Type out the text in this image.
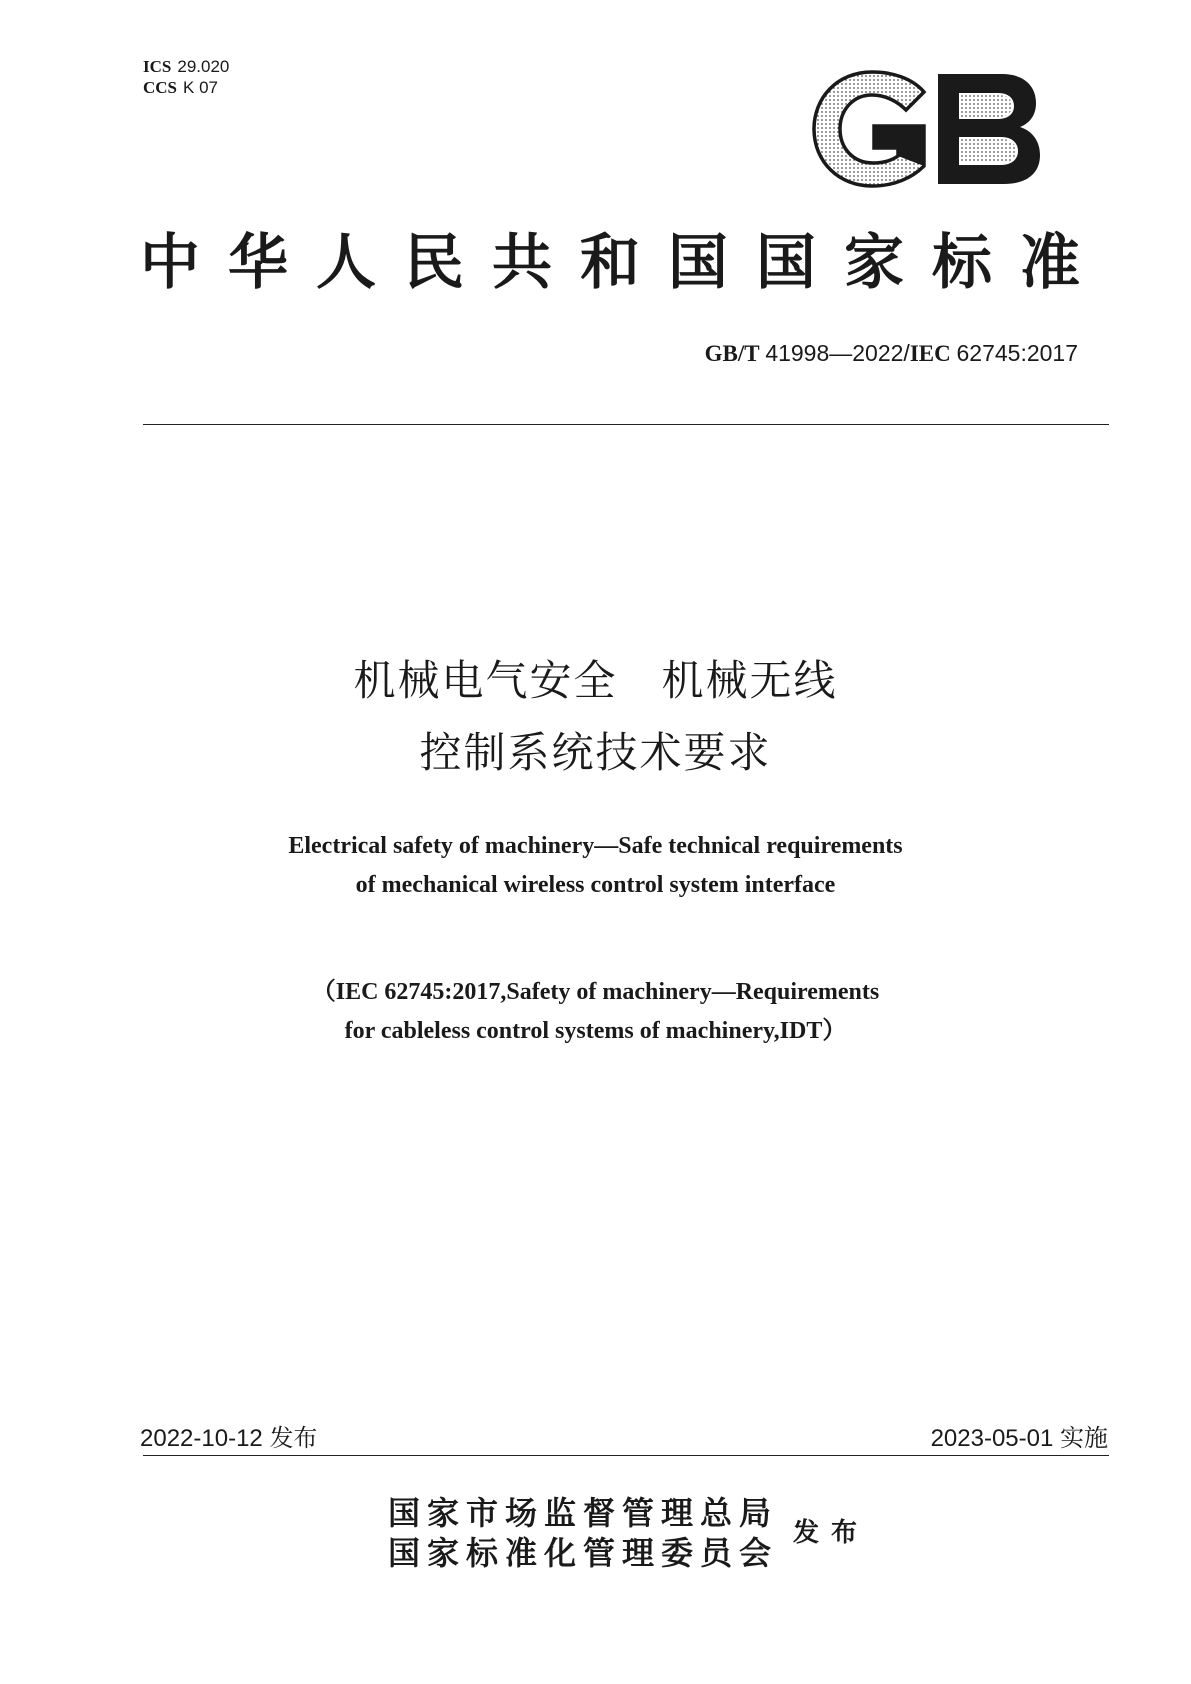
ICS 29.020
CCS K 07
中华人民共和国国家标准
GB/T 41998—2022/IEC 62745:2017
机械电气安全　机械无线
控制系统技术要求
Electrical safety of machinery—Safe technical requirements
of mechanical wireless control system interface
（IEC 62745:2017,Safety of machinery—Requirements
for cableless control systems of machinery,IDT）
2022-10-12 发布	2023-05-01 实施
国家市场监督管理总局
国家标准化管理委员会
发布
